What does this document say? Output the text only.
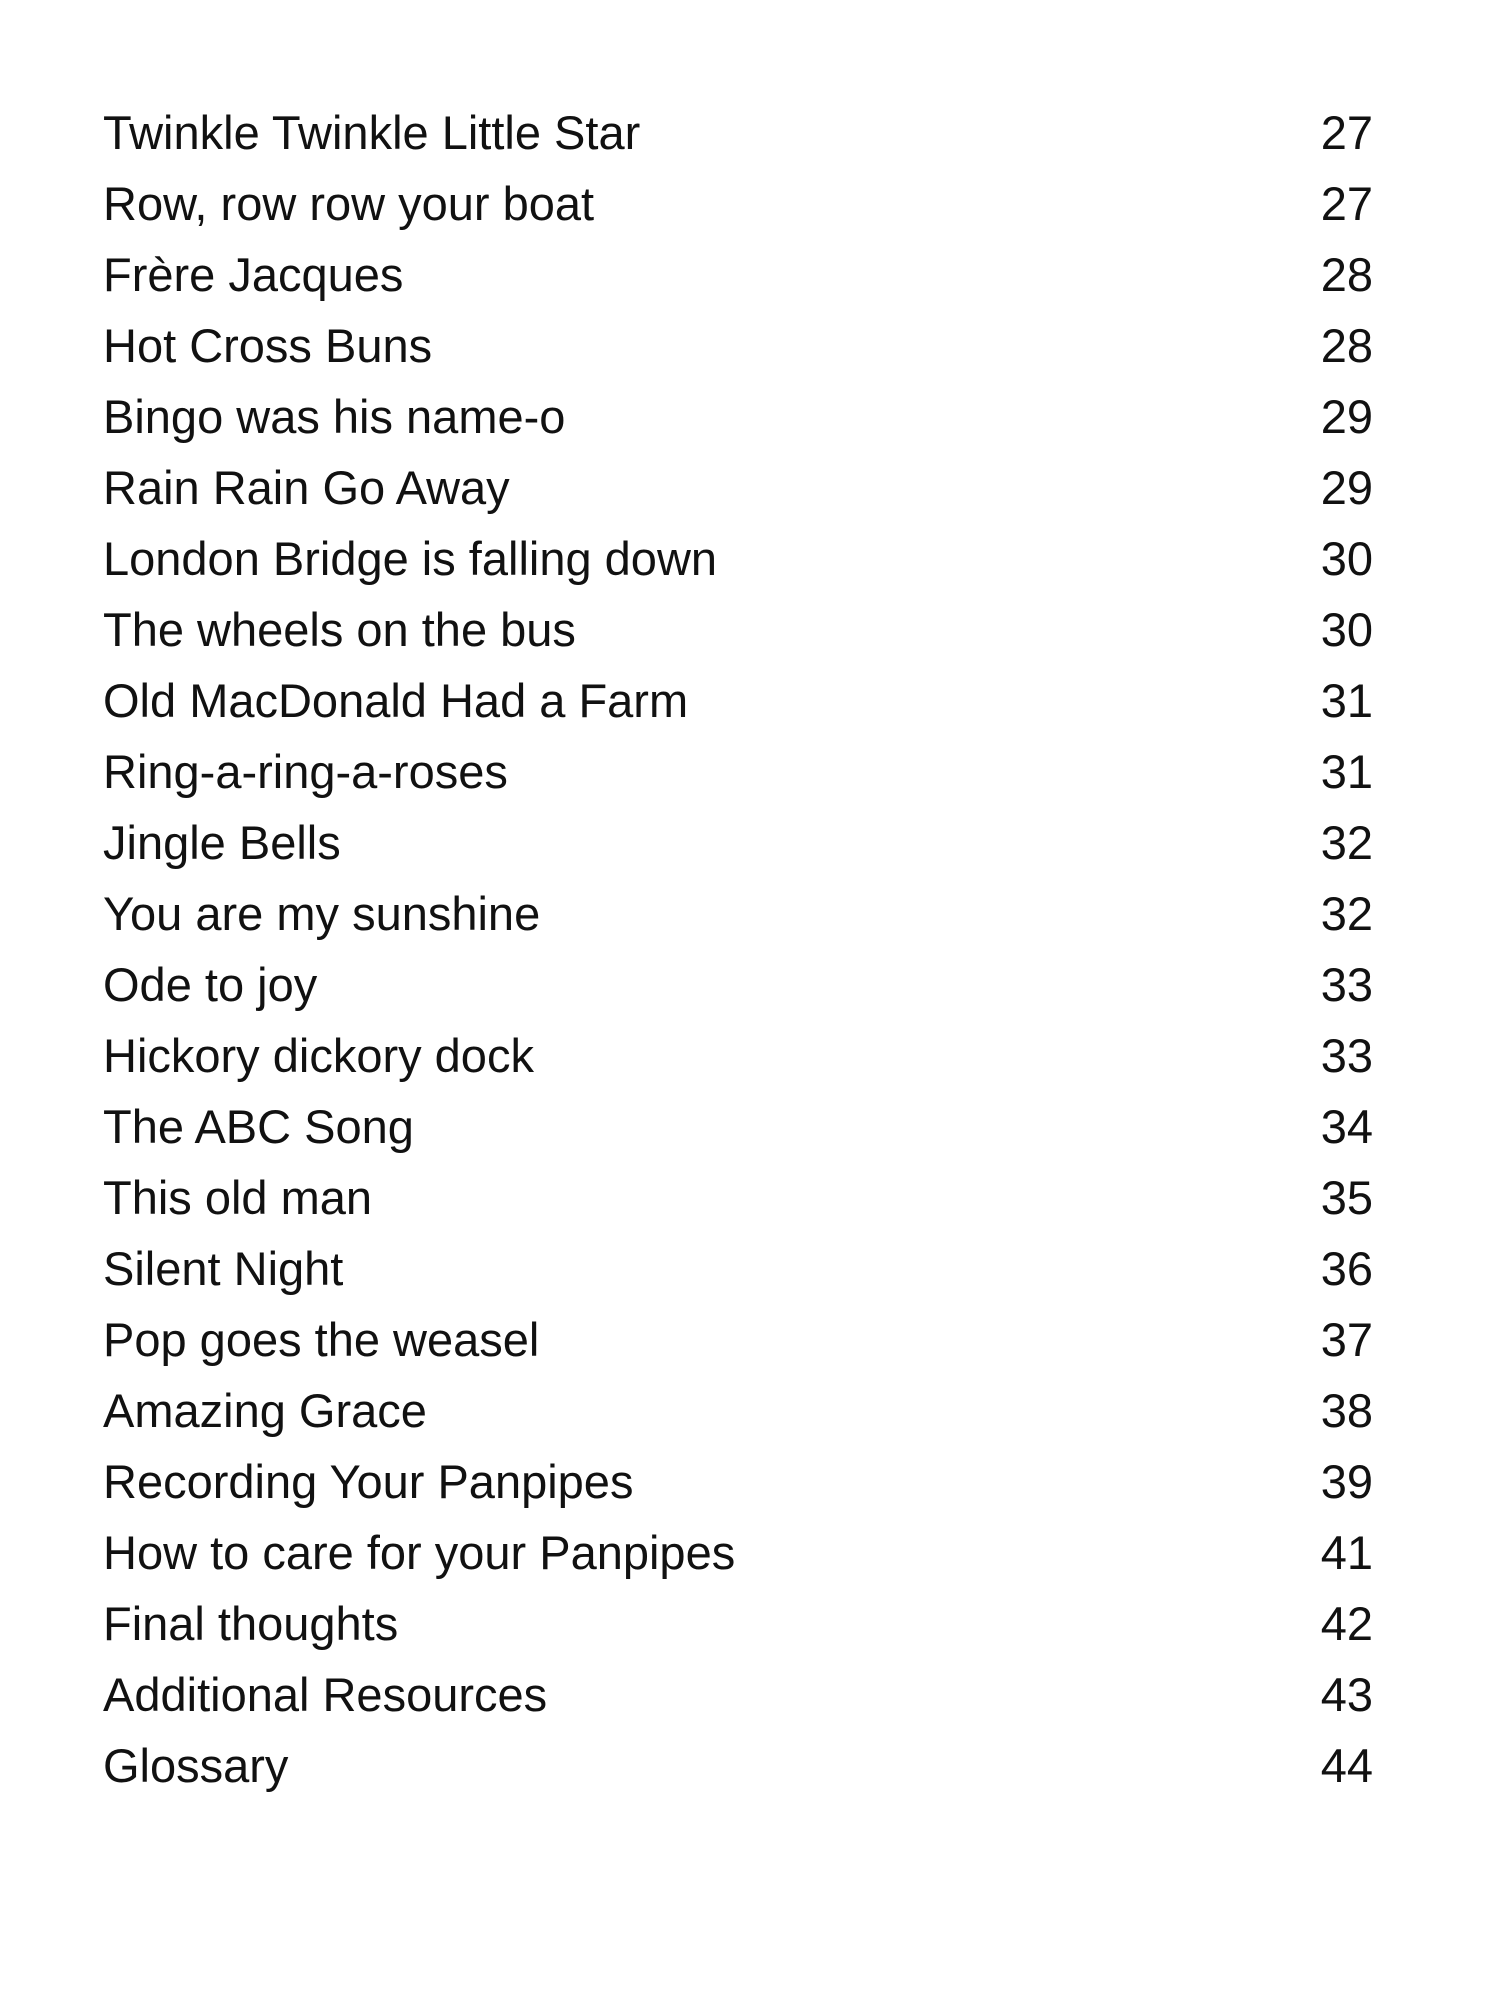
Twinkle Twinkle Little Star	27
Row, row row your boat	27
Frère Jacques	28
Hot Cross Buns	28
Bingo was his name-o	29
Rain Rain Go Away	29
London Bridge is falling down	30
The wheels on the bus	30
Old MacDonald Had a Farm	31
Ring-a-ring-a-roses	31
Jingle Bells	32
You are my sunshine	32
Ode to joy	33
Hickory dickory dock	33
The ABC Song	34
This old man	35
Silent Night	36
Pop goes the weasel	37
Amazing Grace	38
Recording Your Panpipes	39
How to care for your Panpipes	41
Final thoughts	42
Additional Resources	43
Glossary	44
